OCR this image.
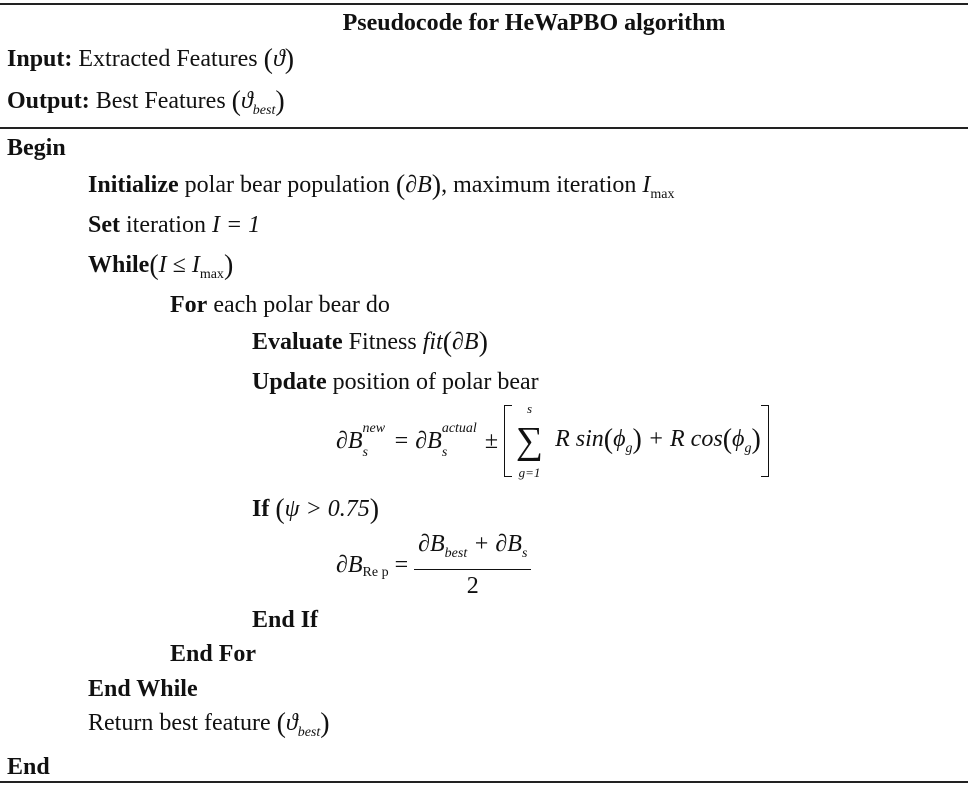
Pseudocode for HeWaPBO algorithm
Input: Extracted Features (ϑ)
Output: Best Features $(ϑ_{best})$
Begin
Initialize polar bear population (∂B), maximum iteration $I_{max}$
Set iteration I = 1
While(I ≤ $I_{max}$)
For each polar bear do
Evaluate Fitness fit(∂B)
Update position of polar bear
∂B new
s = ∂B actual
s	±
s
∑
g=1
R $\sin(\phi_g) + R$ $\cos(\phi_g)$
If (ψ > 0.75)
∂B Re $p = \frac{\partial B_{best} + \partial B_s}{2}$
End If
End For
End While
Return best feature $(ϑ_{best})$
End
